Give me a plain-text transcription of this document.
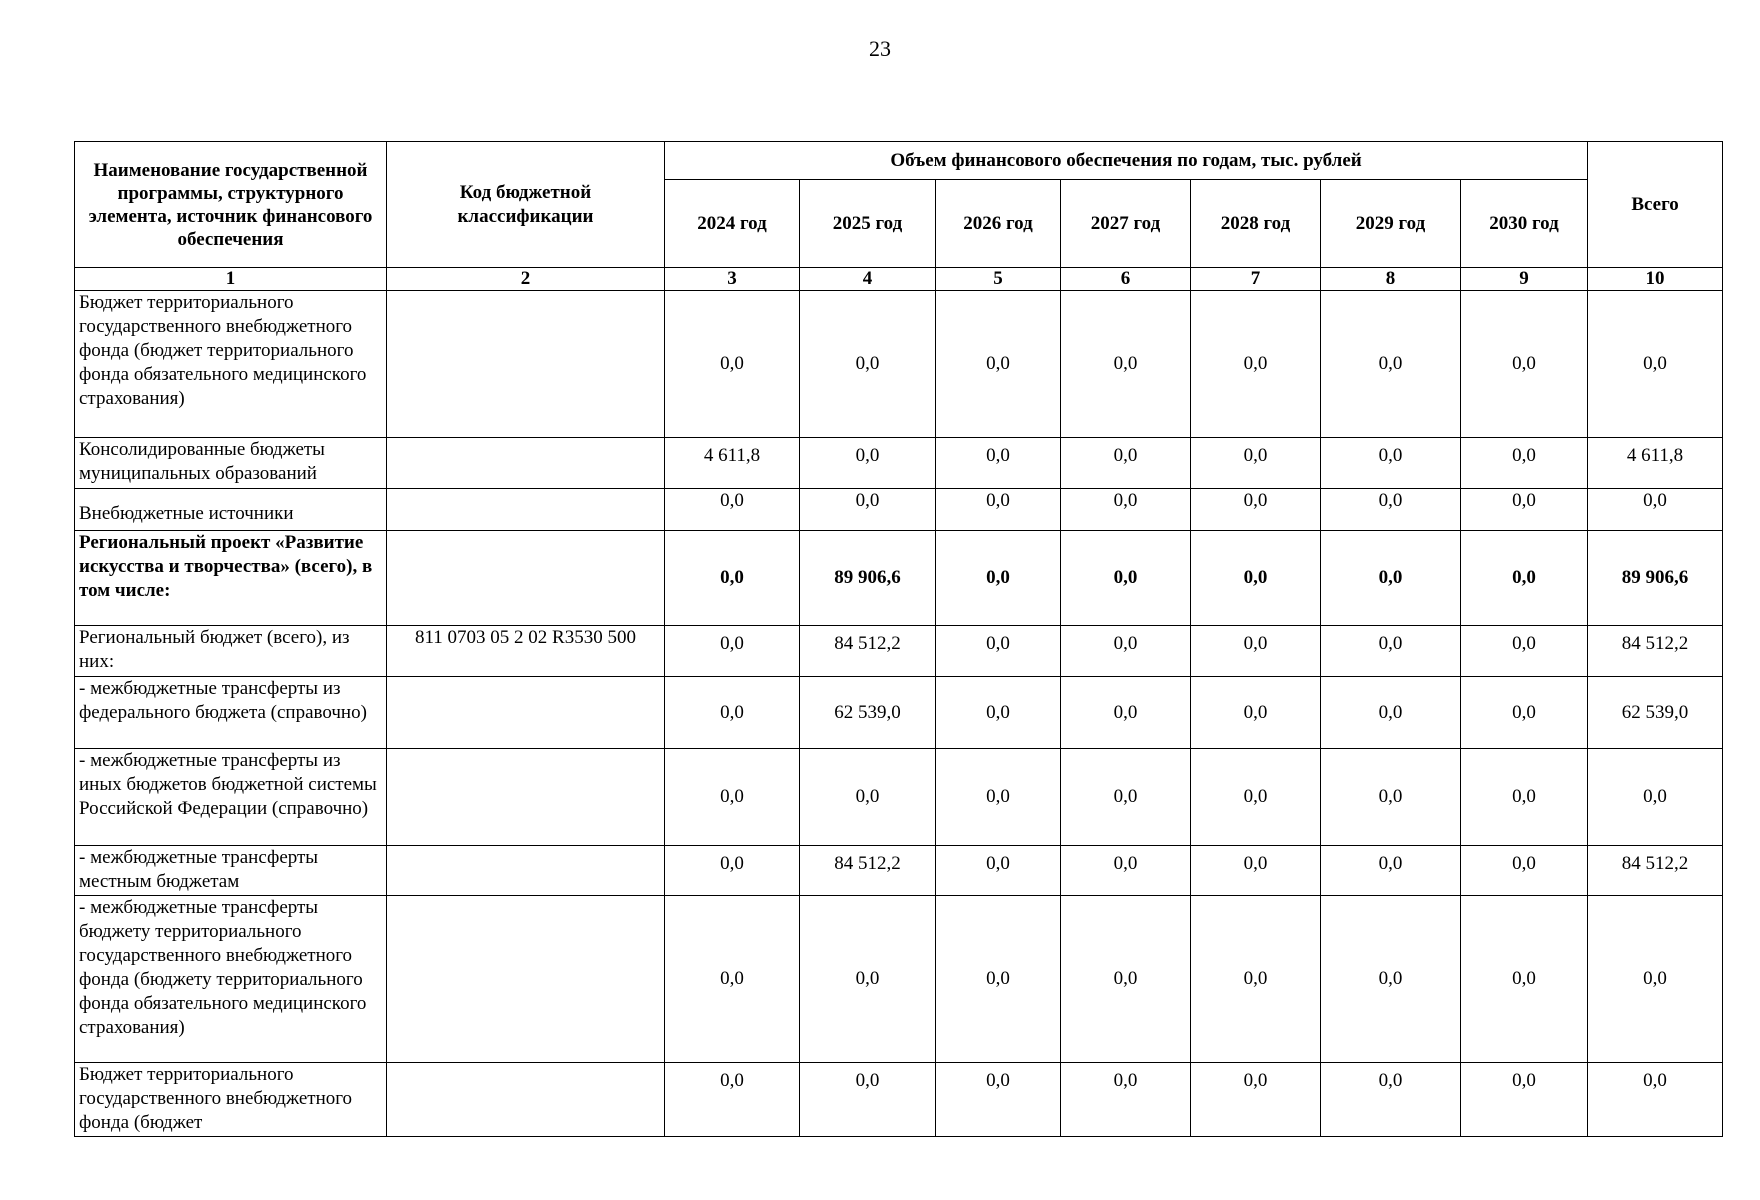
23
Наименование государственной программы, структурного элемента, источник финансового обеспечения	Код бюджетной классификации	Объем финансового обеспечения по годам, тыс. рублей							Всего
		2024 год	2025 год	2026 год	2027 год	2028 год	2029 год	2030 год	
1	2	3	4	5	6	7	8	9	10
Бюджет территориального государственного внебюджетного фонда (бюджет территориального фонда обязательного медицинского страхования)		0,0	0,0	0,0	0,0	0,0	0,0	0,0	0,0
Консолидированные бюджеты муниципальных образований		4 611,8	0,0	0,0	0,0	0,0	0,0	0,0	4 611,8
Внебюджетные источники		0,0	0,0	0,0	0,0	0,0	0,0	0,0	0,0
Региональный проект «Развитие искусства и творчества» (всего), в том числе:		0,0	89 906,6	0,0	0,0	0,0	0,0	0,0	89 906,6
Региональный бюджет (всего), из них:	811 0703 05 2 02 R3530 500	0,0	84 512,2	0,0	0,0	0,0	0,0	0,0	84 512,2
- межбюджетные трансферты из федерального бюджета (справочно)		0,0	62 539,0	0,0	0,0	0,0	0,0	0,0	62 539,0
- межбюджетные трансферты из иных бюджетов бюджетной системы Российской Федерации (справочно)		0,0	0,0	0,0	0,0	0,0	0,0	0,0	0,0
- межбюджетные трансферты местным бюджетам		0,0	84 512,2	0,0	0,0	0,0	0,0	0,0	84 512,2
- межбюджетные трансферты бюджету территориального государственного внебюджетного фонда (бюджету территориального фонда обязательного медицинского страхования)		0,0	0,0	0,0	0,0	0,0	0,0	0,0	0,0
Бюджет территориального государственного внебюджетного фонда (бюджет		0,0	0,0	0,0	0,0	0,0	0,0	0,0	0,0
